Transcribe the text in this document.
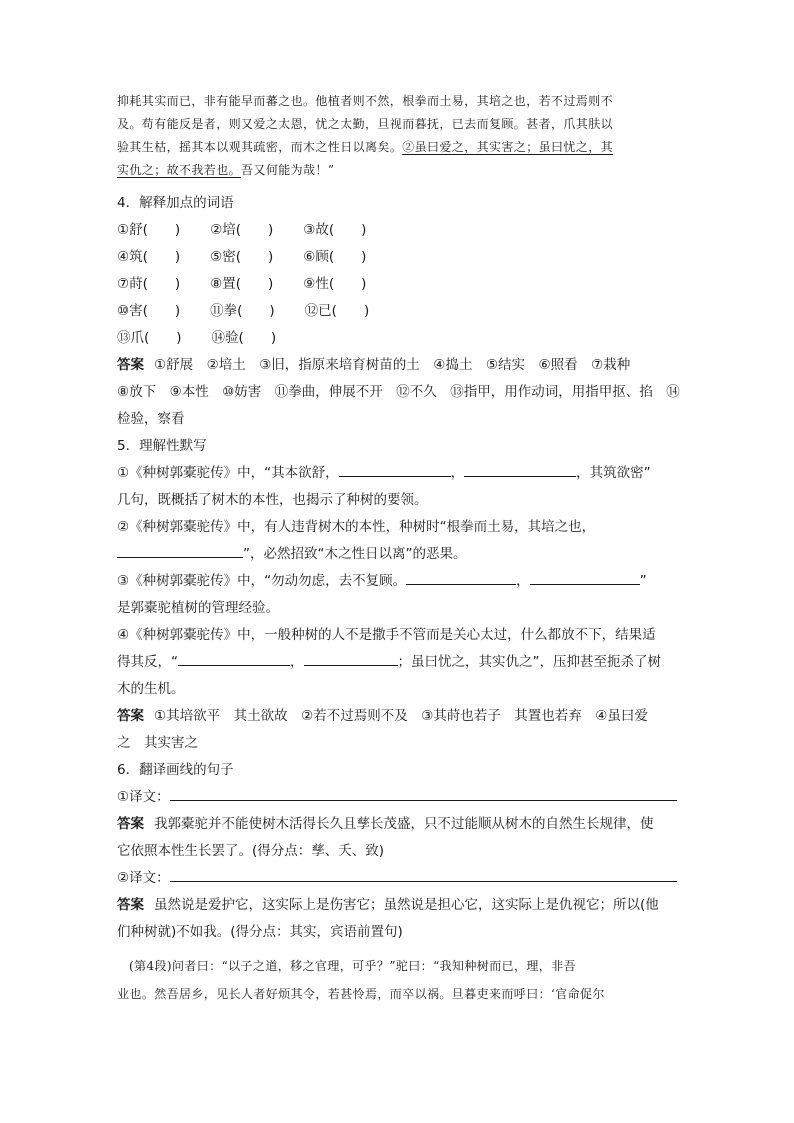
抑耗其实而已，非有能早而蕃之也。他植者则不然，根拳而土易，其培之也，若不过焉则不
及。苟有能反是者，则又爱之太恩，忧之太勤，旦视而暮抚，已去而复顾。甚者，爪其肤以
验其生枯，摇其本以观其疏密，而木之性日以离矣。②虽曰爱之，其实害之；虽曰忧之，其
实仇之；故不我若也。吾又何能为哉！”
4．解释加点的词语
①舒(　　) ②培(　　) ③故(　　)
④筑(　　) ⑤密(　　) ⑥顾(　　)
⑦莳(　　) ⑧置(　　) ⑨性(　　)
⑩害(　　) ⑪拳(　　) ⑫已(　　)
⑬爪(　　) ⑭验(　　)
答案 ①舒展　②培土　③旧，指原来培育树苗的土　④捣土　⑤结实　⑥照看　⑦栽种
⑧放下　⑨本性　⑩妨害　⑪拳曲，伸展不开　⑫不久　⑬指甲，用作动词，用指甲抠、掐　⑭
检验，察看
5．理解性默写
①《种树郭橐驼传》中，“其本欲舒，	，	，其筑欲密”
几句，既概括了树木的本性，也揭示了种树的要领。
②《种树郭橐驼传》中，有人违背树木的本性，种树时“根拳而土易，其培之也，
”，必然招致“木之性日以离”的恶果。
③《种树郭橐驼传》中，“勿动勿虑，去不复顾。	，	”
是郭橐驼植树的管理经验。
④《种树郭橐驼传》中，一般种树的人不是撒手不管而是关心太过，什么都放不下，结果适
得其反，“	，	；虽曰忧之，其实仇之”，压抑甚至扼杀了树
木的生机。
答案 ①其培欲平　其土欲故　②若不过焉则不及　③其莳也若子　其置也若弃　④虽曰爱
之　其实害之
6．翻译画线的句子
①译文：
答案 我郭橐驼并不能使树木活得长久且孳长茂盛，只不过能顺从树木的自然生长规律，使
它依照本性生长罢了。(得分点：孳、夭、致)
②译文：
答案 虽然说是爱护它，这实际上是伤害它；虽然说是担心它，这实际上是仇视它；所以(他
们种树就)不如我。(得分点：其实，宾语前置句)
(第4段)问者曰：“以子之道，移之官理，可乎？”驼曰：“我知种树而已，理，非吾
业也。然吾居乡，见长人者好烦其令，若甚怜焉，而卒以祸。旦暮吏来而呼曰：‘官命促尔
